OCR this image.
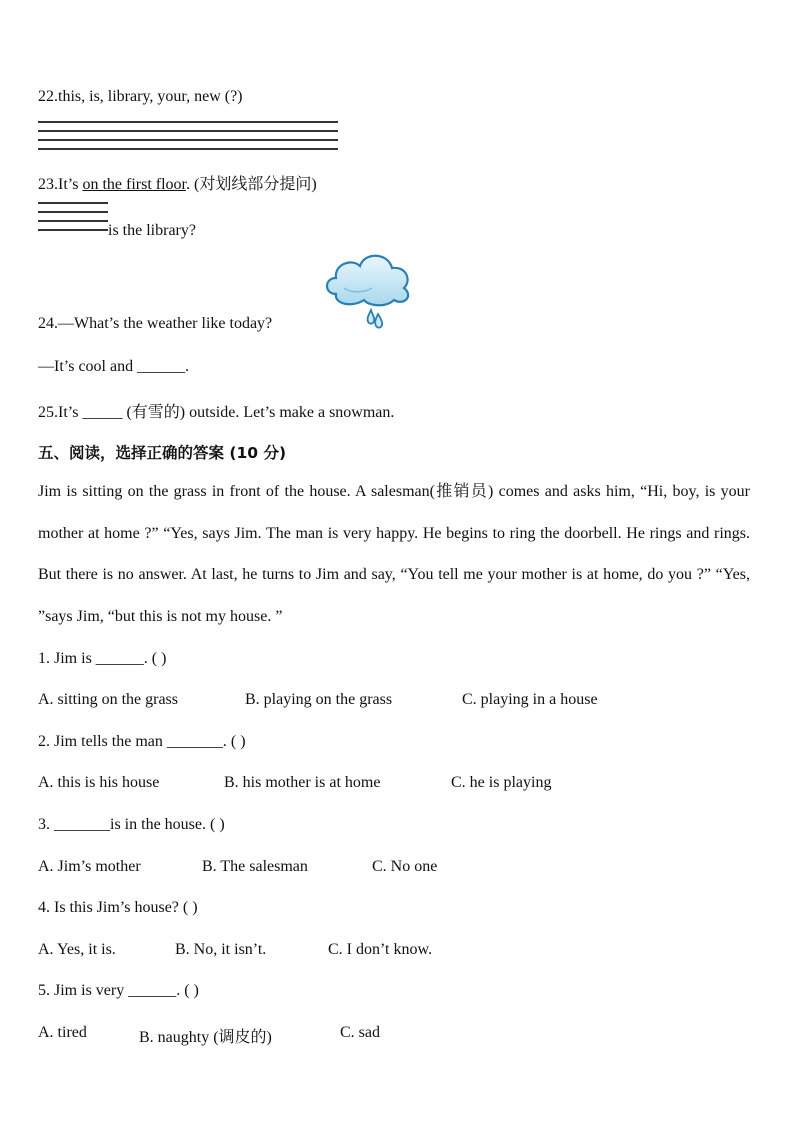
22.this, is, library, your, new (?)
23.It’s on the first floor. (对划线部分提问)
is the library?
24.—What’s the weather like today?
—It’s cool and ______.
25.It’s _____ (有雪的) outside. Let’s make a snowman.
五、阅读，选择正确的答案 (10 分)
Jim is sitting on the grass in front of the house. A salesman(推销员) comes and asks him, “Hi, boy, is your mother at home ?” “Yes, says Jim. The man is very happy. He begins to ring the doorbell. He rings and rings. But there is no answer. At last, he turns to Jim and say, “You tell me your mother is at home, do you ?” “Yes, ”says Jim, “but this is not my house. ”
1. Jim is ______. ( )
A. sitting on the grass	B. playing on the grass	C. playing in a house
2. Jim tells the man _______. ( )
A. this is his house	B. his mother is at home	C. he is playing
3. _______is in the house. ( )
A. Jim’s mother	B. The salesman	C. No one
4. Is this Jim’s house? ( )
A. Yes, it is.	B. No, it isn’t.	C. I don’t know.
5. Jim is very ______. ( )
A. tired	B. naughty (调皮的)	C. sad
